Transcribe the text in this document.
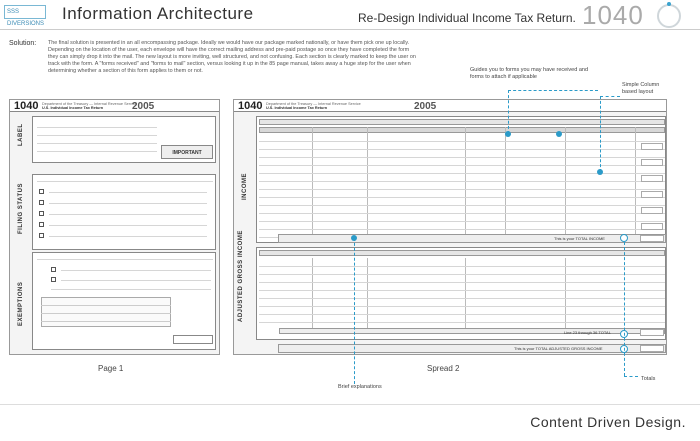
SSS DIVERSIONS
Information Architecture	Re-Design Individual Income Tax Return. 1040
Solution: The final solution is presented in an all encompassing package. Ideally we would have our package marked nationally, or have them pick one up locally. Depending on the location of the user, each envelope will have the correct mailing address and pre-paid postage so once they have completed the form they can simply drop it into the mail. The new layout is more inviting, well structured, and not confusing. Each section is clearly marked to keep the user on track with the form. A "forms received" and "forms to mail" section, versus looking it up in the 85 page manual, takes away a huge step for the user when determining whether a section of this form applies to them or not.
1040	2005
Department of the Treasury — Internal Revenue Service
U.S. Individual Income Tax Return
IMPORTANT
LABEL
FILING STATUS
EXEMPTIONS
Page 1
1040	2005
Department of the Treasury — Internal Revenue Service
U.S. Individual Income Tax Return
INCOME
This is your TOTAL INCOME
ADJUSTED GROSS INCOME
Line 23 through 36 TOTAL
This is your TOTAL ADJUSTED GROSS INCOME
Spread 2
Guides you to forms you may have received and forms to attach if applicable
Simple Column based layout
Brief explanations
Totals
Content Driven Design.
